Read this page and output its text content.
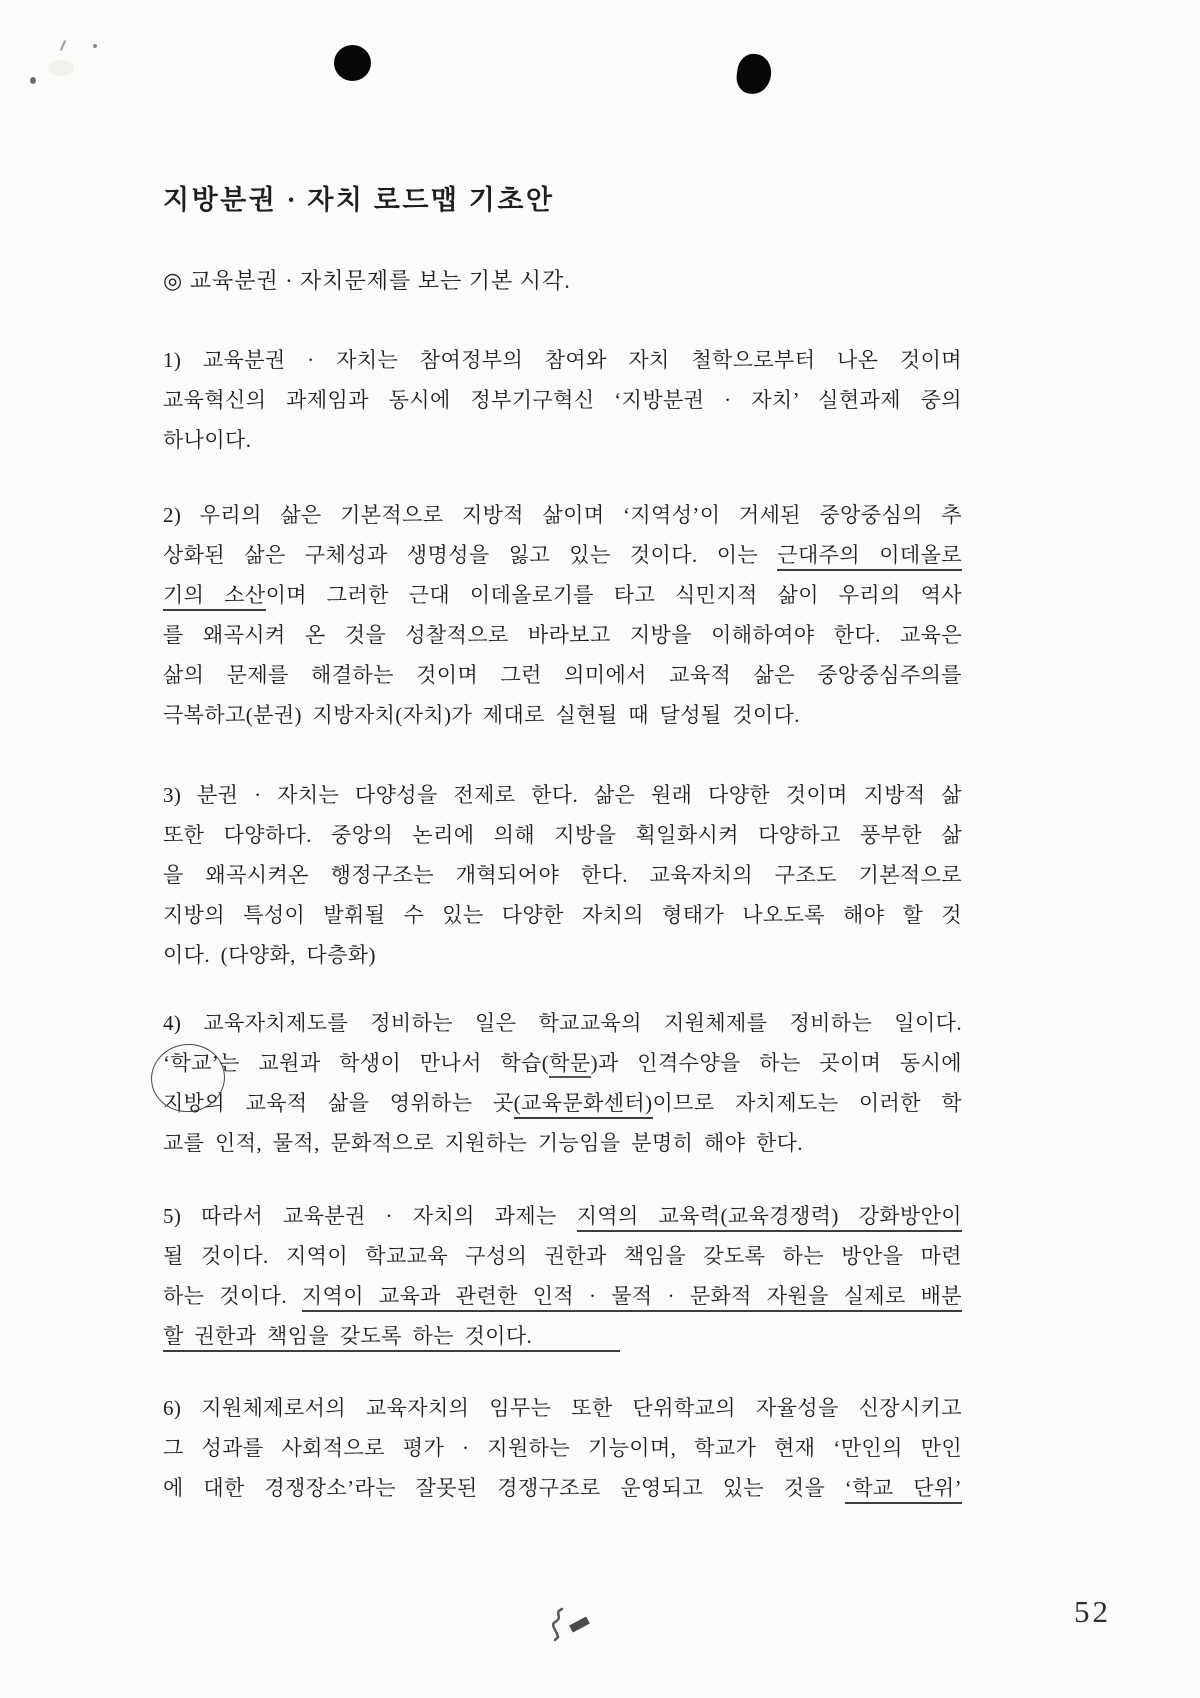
지방분권 · 자치 로드맵 기초안
◎ 교육분권 · 자치문제를 보는 기본 시각.
1) 교육분권 · 자치는 참여정부의 참여와 자치 철학으로부터 나온 것이며
교육혁신의 과제임과 동시에 정부기구혁신 ‘지방분권 · 자치’ 실현과제 중의
하나이다.
2) 우리의 삶은 기본적으로 지방적 삶이며 ‘지역성’이 거세된 중앙중심의 추
상화된 삶은 구체성과 생명성을 잃고 있는 것이다. 이는 근대주의 이데올로
기의 소산이며 그러한 근대 이데올로기를 타고 식민지적 삶이 우리의 역사
를 왜곡시켜 온 것을 성찰적으로 바라보고 지방을 이해하여야 한다. 교육은
삶의 문제를 해결하는 것이며 그런 의미에서 교육적 삶은 중앙중심주의를
극복하고(분권) 지방자치(자치)가 제대로 실현될 때 달성될 것이다.
3) 분권 · 자치는 다양성을 전제로 한다. 삶은 원래 다양한 것이며 지방적 삶
또한 다양하다. 중앙의 논리에 의해 지방을 획일화시켜 다양하고 풍부한 삶
을 왜곡시켜온 행정구조는 개혁되어야 한다. 교육자치의 구조도 기본적으로
지방의 특성이 발휘될 수 있는 다양한 자치의 형태가 나오도록 해야 할 것
이다. (다양화, 다층화)
4) 교육자치제도를 정비하는 일은 학교교육의 지원체제를 정비하는 일이다.
‘학교’는 교원과 학생이 만나서 학습(학문)과 인격수양을 하는 곳이며 동시에
지방의 교육적 삶을 영위하는 곳(교육문화센터)이므로 자치제도는 이러한 학
교를 인적, 물적, 문화적으로 지원하는 기능임을 분명히 해야 한다.
5) 따라서 교육분권 · 자치의 과제는 지역의 교육력(교육경쟁력) 강화방안이
될 것이다. 지역이 학교교육 구성의 권한과 책임을 갖도록 하는 방안을 마련
하는 것이다. 지역이 교육과 관련한 인적 · 물적 · 문화적 자원을 실제로 배분
할 권한과 책임을 갖도록 하는 것이다.
6) 지원체제로서의 교육자치의 임무는 또한 단위학교의 자율성을 신장시키고
그 성과를 사회적으로 평가 · 지원하는 기능이며, 학교가 현재 ‘만인의 만인
에 대한 경쟁장소’라는 잘못된 경쟁구조로 운영되고 있는 것을 ‘학교 단위’
52
